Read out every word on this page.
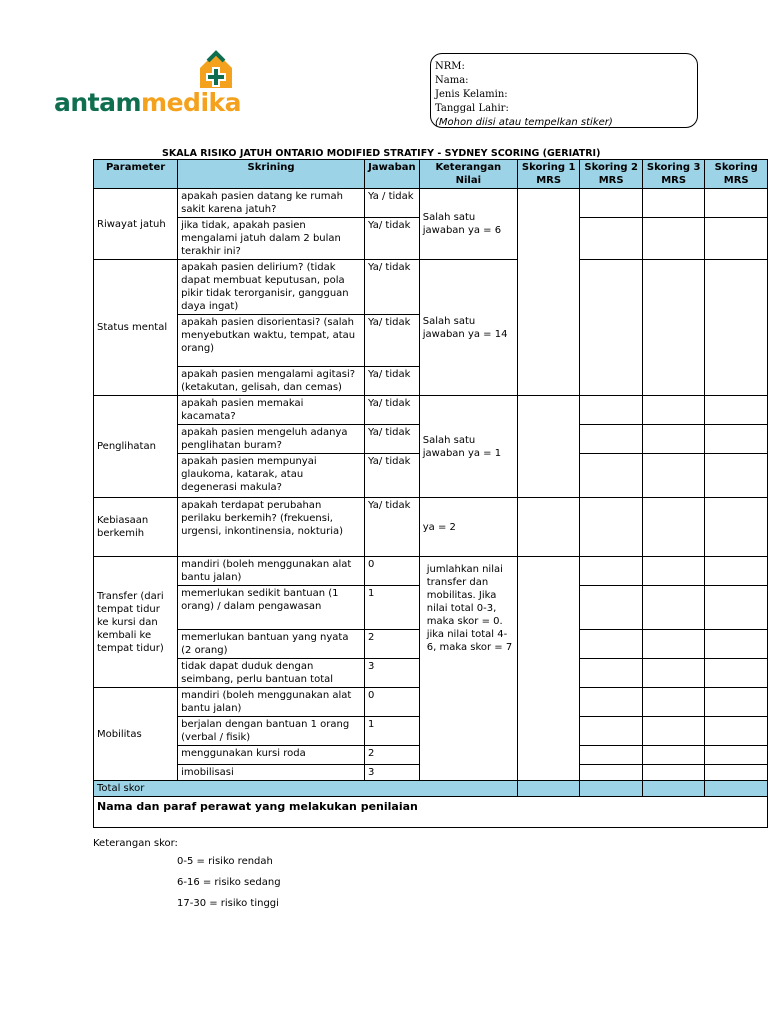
antammedika
NRM:
Nama:
Jenis Kelamin:
Tanggal Lahir:
(Mohon diisi atau tempelkan stiker)
SKALA RISIKO JATUH ONTARIO MODIFIED STRATIFY - SYDNEY SCORING (GERIATRI)
Parameter	Skrining	Jawaban	Keterangan Nilai	Skoring 1 MRS	Skoring 2 MRS	Skoring 3 MRS	Skoring MRS
Riwayat jatuh	apakah pasien datang ke rumah sakit karena jatuh?	Ya / tidak	Salah satu jawaban ya = 6				
	jika tidak, apakah pasien mengalami jatuh dalam 2 bulan terakhir ini?	Ya/ tidak					
Status mental	apakah pasien delirium? (tidak dapat membuat keputusan, pola pikir tidak terorganisir, gangguan daya ingat)	Ya/ tidak	Salah satu jawaban ya = 14				
	apakah pasien disorientasi? (salah menyebutkan waktu, tempat, atau orang)	Ya/ tidak					
	apakah pasien mengalami agitasi? (ketakutan, gelisah, dan cemas)	Ya/ tidak					
Penglihatan	apakah pasien memakai kacamata?	Ya/ tidak	Salah satu jawaban ya = 1				
	apakah pasien mengeluh adanya penglihatan buram?	Ya/ tidak					
	apakah pasien mempunyai glaukoma, katarak, atau degenerasi makula?	Ya/ tidak					
Kebiasaan berkemih	apakah terdapat perubahan perilaku berkemih? (frekuensi, urgensi, inkontinensia, nokturia)	Ya/ tidak	ya = 2				
Transfer (dari tempat tidur ke kursi dan kembali ke tempat tidur)	mandiri (boleh menggunakan alat bantu jalan)	0	jumlahkan nilai transfer dan mobilitas. Jika nilai total 0-3, maka skor = 0. jika nilai total 4-6, maka skor = 7				
	memerlukan sedikit bantuan (1 orang) / dalam pengawasan	1					
	memerlukan bantuan yang nyata (2 orang)	2					
	tidak dapat duduk dengan seimbang, perlu bantuan total	3					
Mobilitas	mandiri (boleh menggunakan alat bantu jalan)	0					
	berjalan dengan bantuan 1 orang (verbal / fisik)	1					
	menggunakan kursi roda	2					
	imobilisasi	3					
Total skor							
Nama dan paraf perawat yang melakukan penilaian							
Keterangan skor:
0-5 = risiko rendah
6-16 = risiko sedang
17-30 = risiko tinggi
